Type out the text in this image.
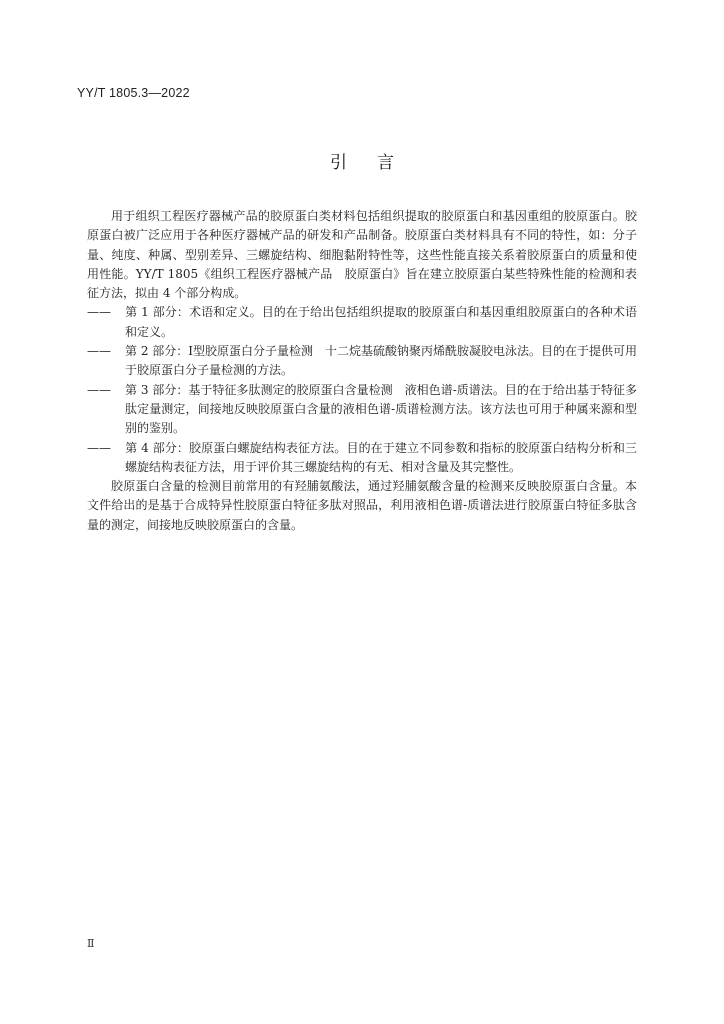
YY/T 1805.3—2022
引言

用于组织工程医疗器械产品的胶原蛋白类材料包括组织提取的胶原蛋白和基因重组的胶原蛋白。胶原蛋白被广泛应用于各种医疗器械产品的研发和产品制备。胶原蛋白类材料具有不同的特性，如：分子量、纯度、种属、型别差异、三螺旋结构、细胞黏附特性等，这些性能直接关系着胶原蛋白的质量和使用性能。YY/T 1805《组织工程医疗器械产品　胶原蛋白》旨在建立胶原蛋白某些特殊性能的检测和表征方法，拟由 4 个部分构成。

—— 第 1 部分：术语和定义。目的在于给出包括组织提取的胶原蛋白和基因重组胶原蛋白的各种术语和定义。

—— 第 2 部分：Ⅰ型胶原蛋白分子量检测　十二烷基硫酸钠聚丙烯酰胺凝胶电泳法。目的在于提供可用于胶原蛋白分子量检测的方法。

—— 第 3 部分：基于特征多肽测定的胶原蛋白含量检测　液相色谱-质谱法。目的在于给出基于特征多肽定量测定，间接地反映胶原蛋白含量的液相色谱-质谱检测方法。该方法也可用于种属来源和型别的鉴别。

—— 第 4 部分：胶原蛋白螺旋结构表征方法。目的在于建立不同参数和指标的胶原蛋白结构分析和三螺旋结构表征方法，用于评价其三螺旋结构的有无、相对含量及其完整性。

胶原蛋白含量的检测目前常用的有羟脯氨酸法，通过羟脯氨酸含量的检测来反映胶原蛋白含量。本文件给出的是基于合成特异性胶原蛋白特征多肽对照品，利用液相色谱-质谱法进行胶原蛋白特征多肽含量的测定，间接地反映胶原蛋白的含量。

Ⅱ
